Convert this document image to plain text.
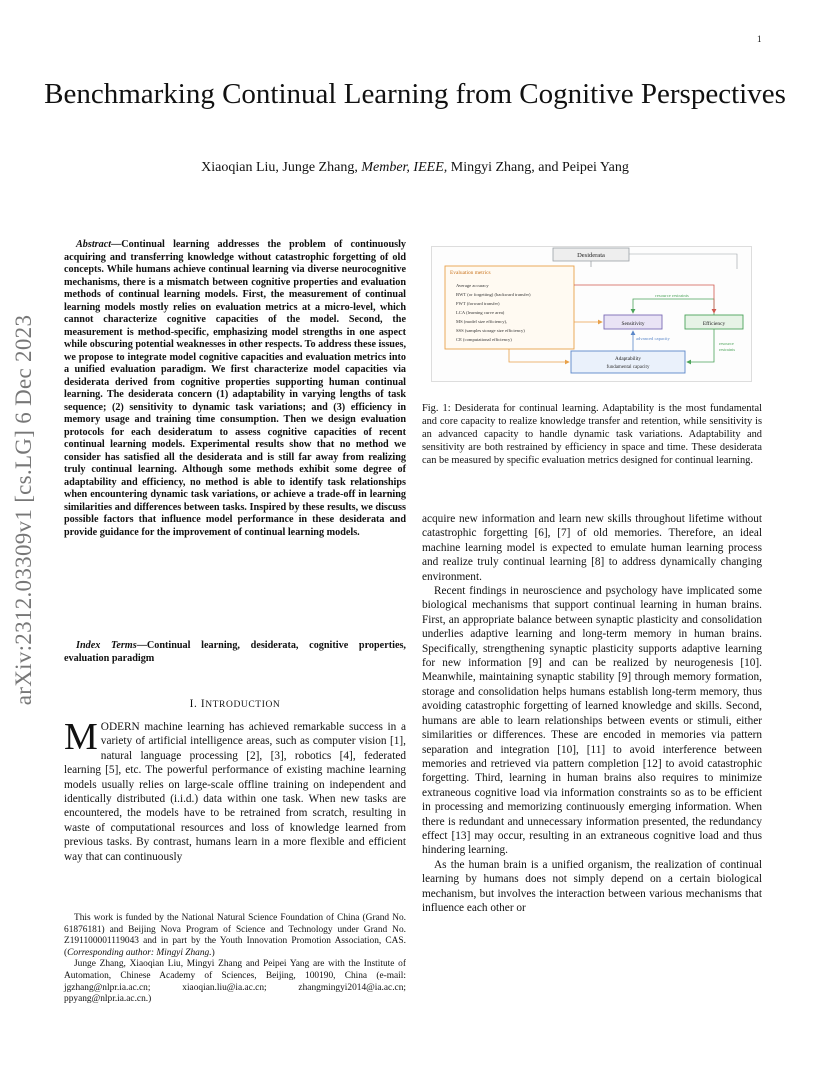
1
Benchmarking Continual Learning from Cognitive Perspectives
Xiaoqian Liu, Junge Zhang, Member, IEEE, Mingyi Zhang, and Peipei Yang
arXiv:2312.03309v1 [cs.LG] 6 Dec 2023
Abstract—Continual learning addresses the problem of continuously acquiring and transferring knowledge without catastrophic forgetting of old concepts. While humans achieve continual learning via diverse neurocognitive mechanisms, there is a mismatch between cognitive properties and evaluation methods of continual learning models. First, the measurement of continual learning models mostly relies on evaluation metrics at a micro-level, which cannot characterize cognitive capacities of the model. Second, the measurement is method-specific, emphasizing model strengths in one aspect while obscuring potential weaknesses in other respects. To address these issues, we propose to integrate model cognitive capacities and evaluation metrics into a unified evaluation paradigm. We first characterize model capacities via desiderata derived from cognitive properties supporting human continual learning. The desiderata concern (1) adaptability in varying lengths of task sequence; (2) sensitivity to dynamic task variations; and (3) efficiency in memory usage and training time consumption. Then we design evaluation protocols for each desideratum to assess cognitive capacities of recent continual learning models. Experimental results show that no method we consider has satisfied all the desiderata and is still far away from realizing truly continual learning. Although some methods exhibit some degree of adaptability and efficiency, no method is able to identify task relationships when encountering dynamic task variations, or achieve a trade-off in learning similarities and differences between tasks. Inspired by these results, we discuss possible factors that influence model performance in these desiderata and provide guidance for the improvement of continual learning models.
Index Terms—Continual learning, desiderata, cognitive properties, evaluation paradigm
I. INTRODUCTION
MODERN machine learning has achieved remarkable success in a variety of artificial intelligence areas, such as computer vision [1], natural language processing [2], [3], robotics [4], federated learning [5], etc. The powerful performance of existing machine learning models usually relies on large-scale offline training on independent and identically distributed (i.i.d.) data within one task. When new tasks are encountered, the models have to be retrained from scratch, resulting in waste of computational resources and loss of knowledge learned from previous tasks. By contrast, humans learn in a more flexible and efficient way that can continuously

This work is funded by the National Natural Science Foundation of China (Grand No. 61876181) and Beijing Nova Program of Science and Technology under Grand No. Z191100001119043 and in part by the Youth Innovation Promotion Association, CAS. (Corresponding author: Mingyi Zhang.)

Junge Zhang, Xiaoqian Liu, Mingyi Zhang and Peipei Yang are with the Institute of Automation, Chinese Academy of Sciences, Beijing, 100190, China (e-mail: jgzhang@nlpr.ia.ac.cn; xiaoqian.liu@ia.ac.cn; zhangmingyi2014@ia.ac.cn; ppyang@nlpr.ia.ac.cn.)

Desiderata
Evaluation metrics
Average accuracy
BWT (or forgetting) (backward transfer)
FWT (forward transfer)
LCA (learning curve area)
MS (model size efficiency),
SSS (samples storage size efficiency)
CE (computational efficiency)
Sensitivity	Efficiency
resource restraints
Adaptability
fundamental capacity
advanced capacity
resource
restraints
Fig. 1: Desiderata for continual learning. Adaptability is the most fundamental and core capacity to realize knowledge transfer and retention, while sensitivity is an advanced capacity to handle dynamic task variations. Adaptability and sensitivity are both restrained by efficiency in space and time. These desiderata can be measured by specific evaluation metrics designed for continual learning.

acquire new information and learn new skills throughout lifetime without catastrophic forgetting [6], [7] of old memories. Therefore, an ideal machine learning model is expected to emulate human learning process and realize truly continual learning [8] to address dynamically changing environment.

Recent findings in neuroscience and psychology have implicated some biological mechanisms that support continual learning in human brains. First, an appropriate balance between synaptic plasticity and consolidation underlies adaptive learning and long-term memory in human brains. Specifically, strengthening synaptic plasticity supports adaptive learning for new information [9] and can be realized by neurogenesis [10]. Meanwhile, maintaining synaptic stability [9] through memory formation, storage and consolidation helps humans establish long-term memory, thus avoiding catastrophic forgetting of learned knowledge and skills. Second, humans are able to learn relationships between events or stimuli, either similarities or differences. These are encoded in memories via pattern separation and integration [10], [11] to avoid interference between memories and retrieved via pattern completion [12] to avoid catastrophic forgetting. Third, learning in human brains also requires to minimize extraneous cognitive load via information constraints so as to be efficient in processing and memorizing continuously emerging information. When there is redundant and unnecessary information presented, the redundancy effect [13] may occur, resulting in an extraneous cognitive load and thus hindering learning.

As the human brain is a unified organism, the realization of continual learning by humans does not simply depend on a certain biological mechanism, but involves the interaction between various mechanisms that influence each other or
